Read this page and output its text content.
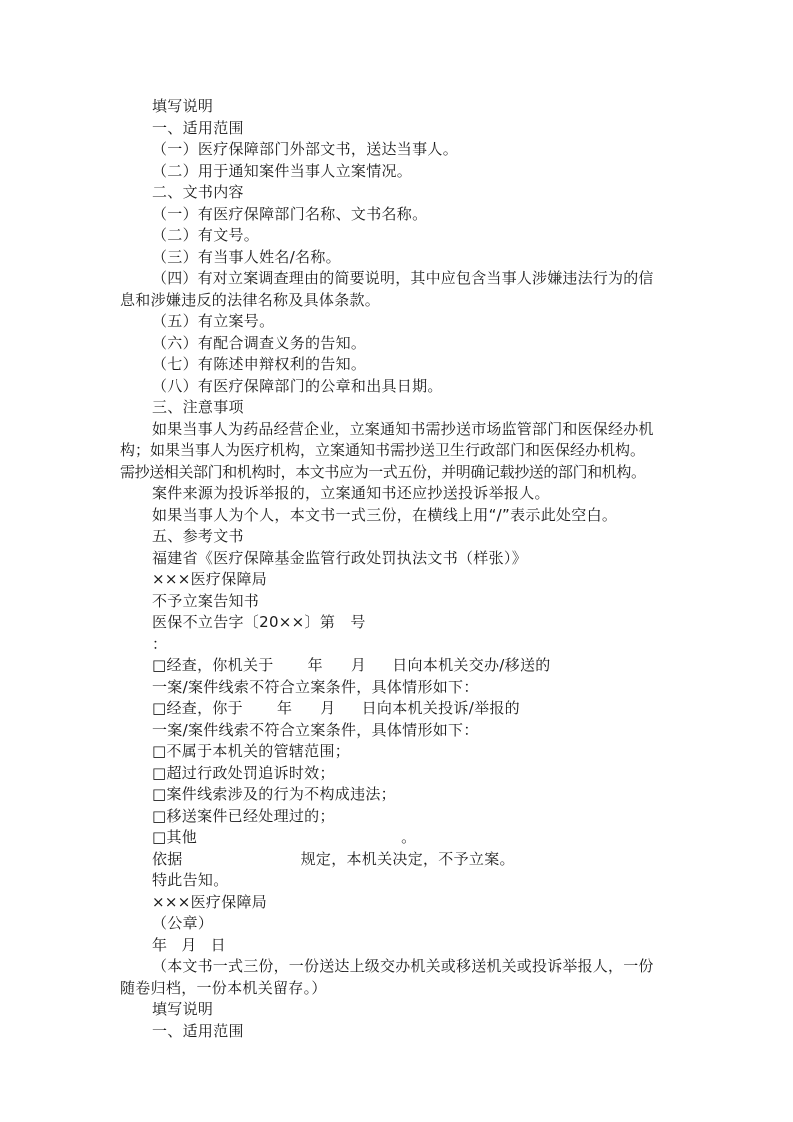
填写说明
一、适用范围
（一）医疗保障部门外部文书，送达当事人。
（二）用于通知案件当事人立案情况。
二、文书内容
（一）有医疗保障部门名称、文书名称。
（二）有文号。
（三）有当事人姓名/名称。
（四）有对立案调查理由的简要说明，其中应包含当事人涉嫌违法行为的信
息和涉嫌违反的法律名称及具体条款。
（五）有立案号。
（六）有配合调查义务的告知。
（七）有陈述申辩权利的告知。
（八）有医疗保障部门的公章和出具日期。
三、注意事项
如果当事人为药品经营企业，立案通知书需抄送市场监管部门和医保经办机
构；如果当事人为医疗机构，立案通知书需抄送卫生行政部门和医保经办机构。
需抄送相关部门和机构时，本文书应为一式五份，并明确记载抄送的部门和机构。
案件来源为投诉举报的，立案通知书还应抄送投诉举报人。
如果当事人为个人，本文书一式三份，在横线上用“/”表示此处空白。
五、参考文书
福建省《医疗保障基金监管行政处罚执法文书（样张）》
×××医疗保障局
不予立案告知书
医保不立告字〔20××〕第　号
：
□经查，你机关于 年 月 日向本机关交办/移送的
一案/案件线索不符合立案条件，具体情形如下：
□经查，你于 年 月 日向本机关投诉/举报的
一案/案件线索不符合立案条件，具体情形如下：
□不属于本机关的管辖范围；
□超过行政处罚追诉时效；
□案件线索涉及的行为不构成违法；
□移送案件已经处理过的；
□其他	。
依据	规定，本机关决定，不予立案。
特此告知。
×××医疗保障局
（公章）
年 月 日
（本文书一式三份，一份送达上级交办机关或移送机关或投诉举报人，一份
随卷归档，一份本机关留存。）
填写说明
一、适用范围
